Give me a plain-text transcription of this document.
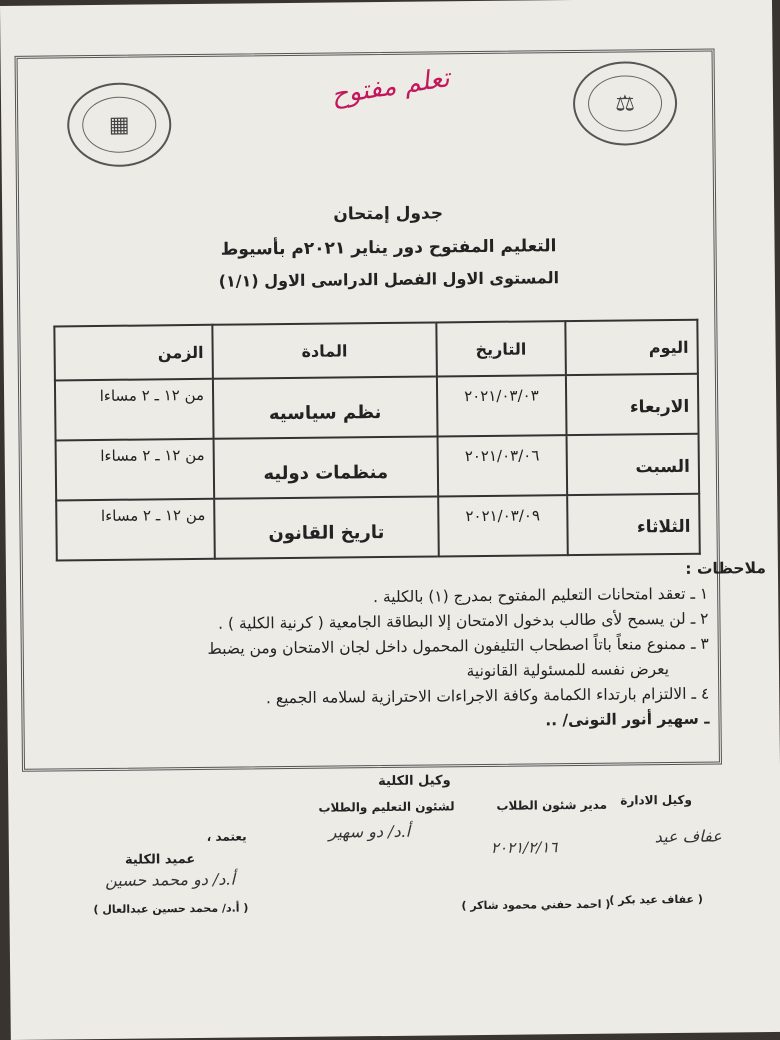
▦
⚖
تعلم مفتوح
جدول إمتحان
التعليم المفتوح دور يناير ٢٠٢١م بأسيوط
المستوى الاول الفصل الدراسى الاول (١/١)
اليوم	التاريخ	المادة	الزمن

الاربعاء	٢٠٢١/٠٣/٠٣	نظم سياسيه	من ١٢ ـ ٢ مساءا

السبت	٢٠٢١/٠٣/٠٦	منظمات دوليه	من ١٢ ـ ٢ مساءا

الثلاثاء	٢٠٢١/٠٣/٠٩	تاريخ القانون	من ١٢ ـ ٢ مساءا
ملاحظات :
١ ـ تعقد امتحانات التعليم المفتوح بمدرج (١) بالكلية .
٢ ـ لن يسمح لأى طالب بدخول الامتحان إلا البطاقة الجامعية ( كرنية الكلية ) .
٣ ـ ممنوع منعاً باتاً اصطحاب التليفون المحمول داخل لجان الامتحان ومن يضبط
يعرض نفسه للمسئولية القانونية
٤ ـ الالتزام بارتداء الكمامة وكافة الاجراءات الاحترازية لسلامه الجميع .
ـ سهير أنور التونى/ ..
وكيل الكلية
لشئون التعليم والطلاب	مدير شئون الطلاب وكيل الادارة
أ.د/ دو سهير	عفاف عيد
٢٠٢١/٢/١٦
يعتمد ،
عميد الكلية
أ.د/ دو محمد حسين
( أ.د/ محمد حسين عبدالعال )	( احمد حفني محمود شاكر )
( عفاف عيد بكر )
